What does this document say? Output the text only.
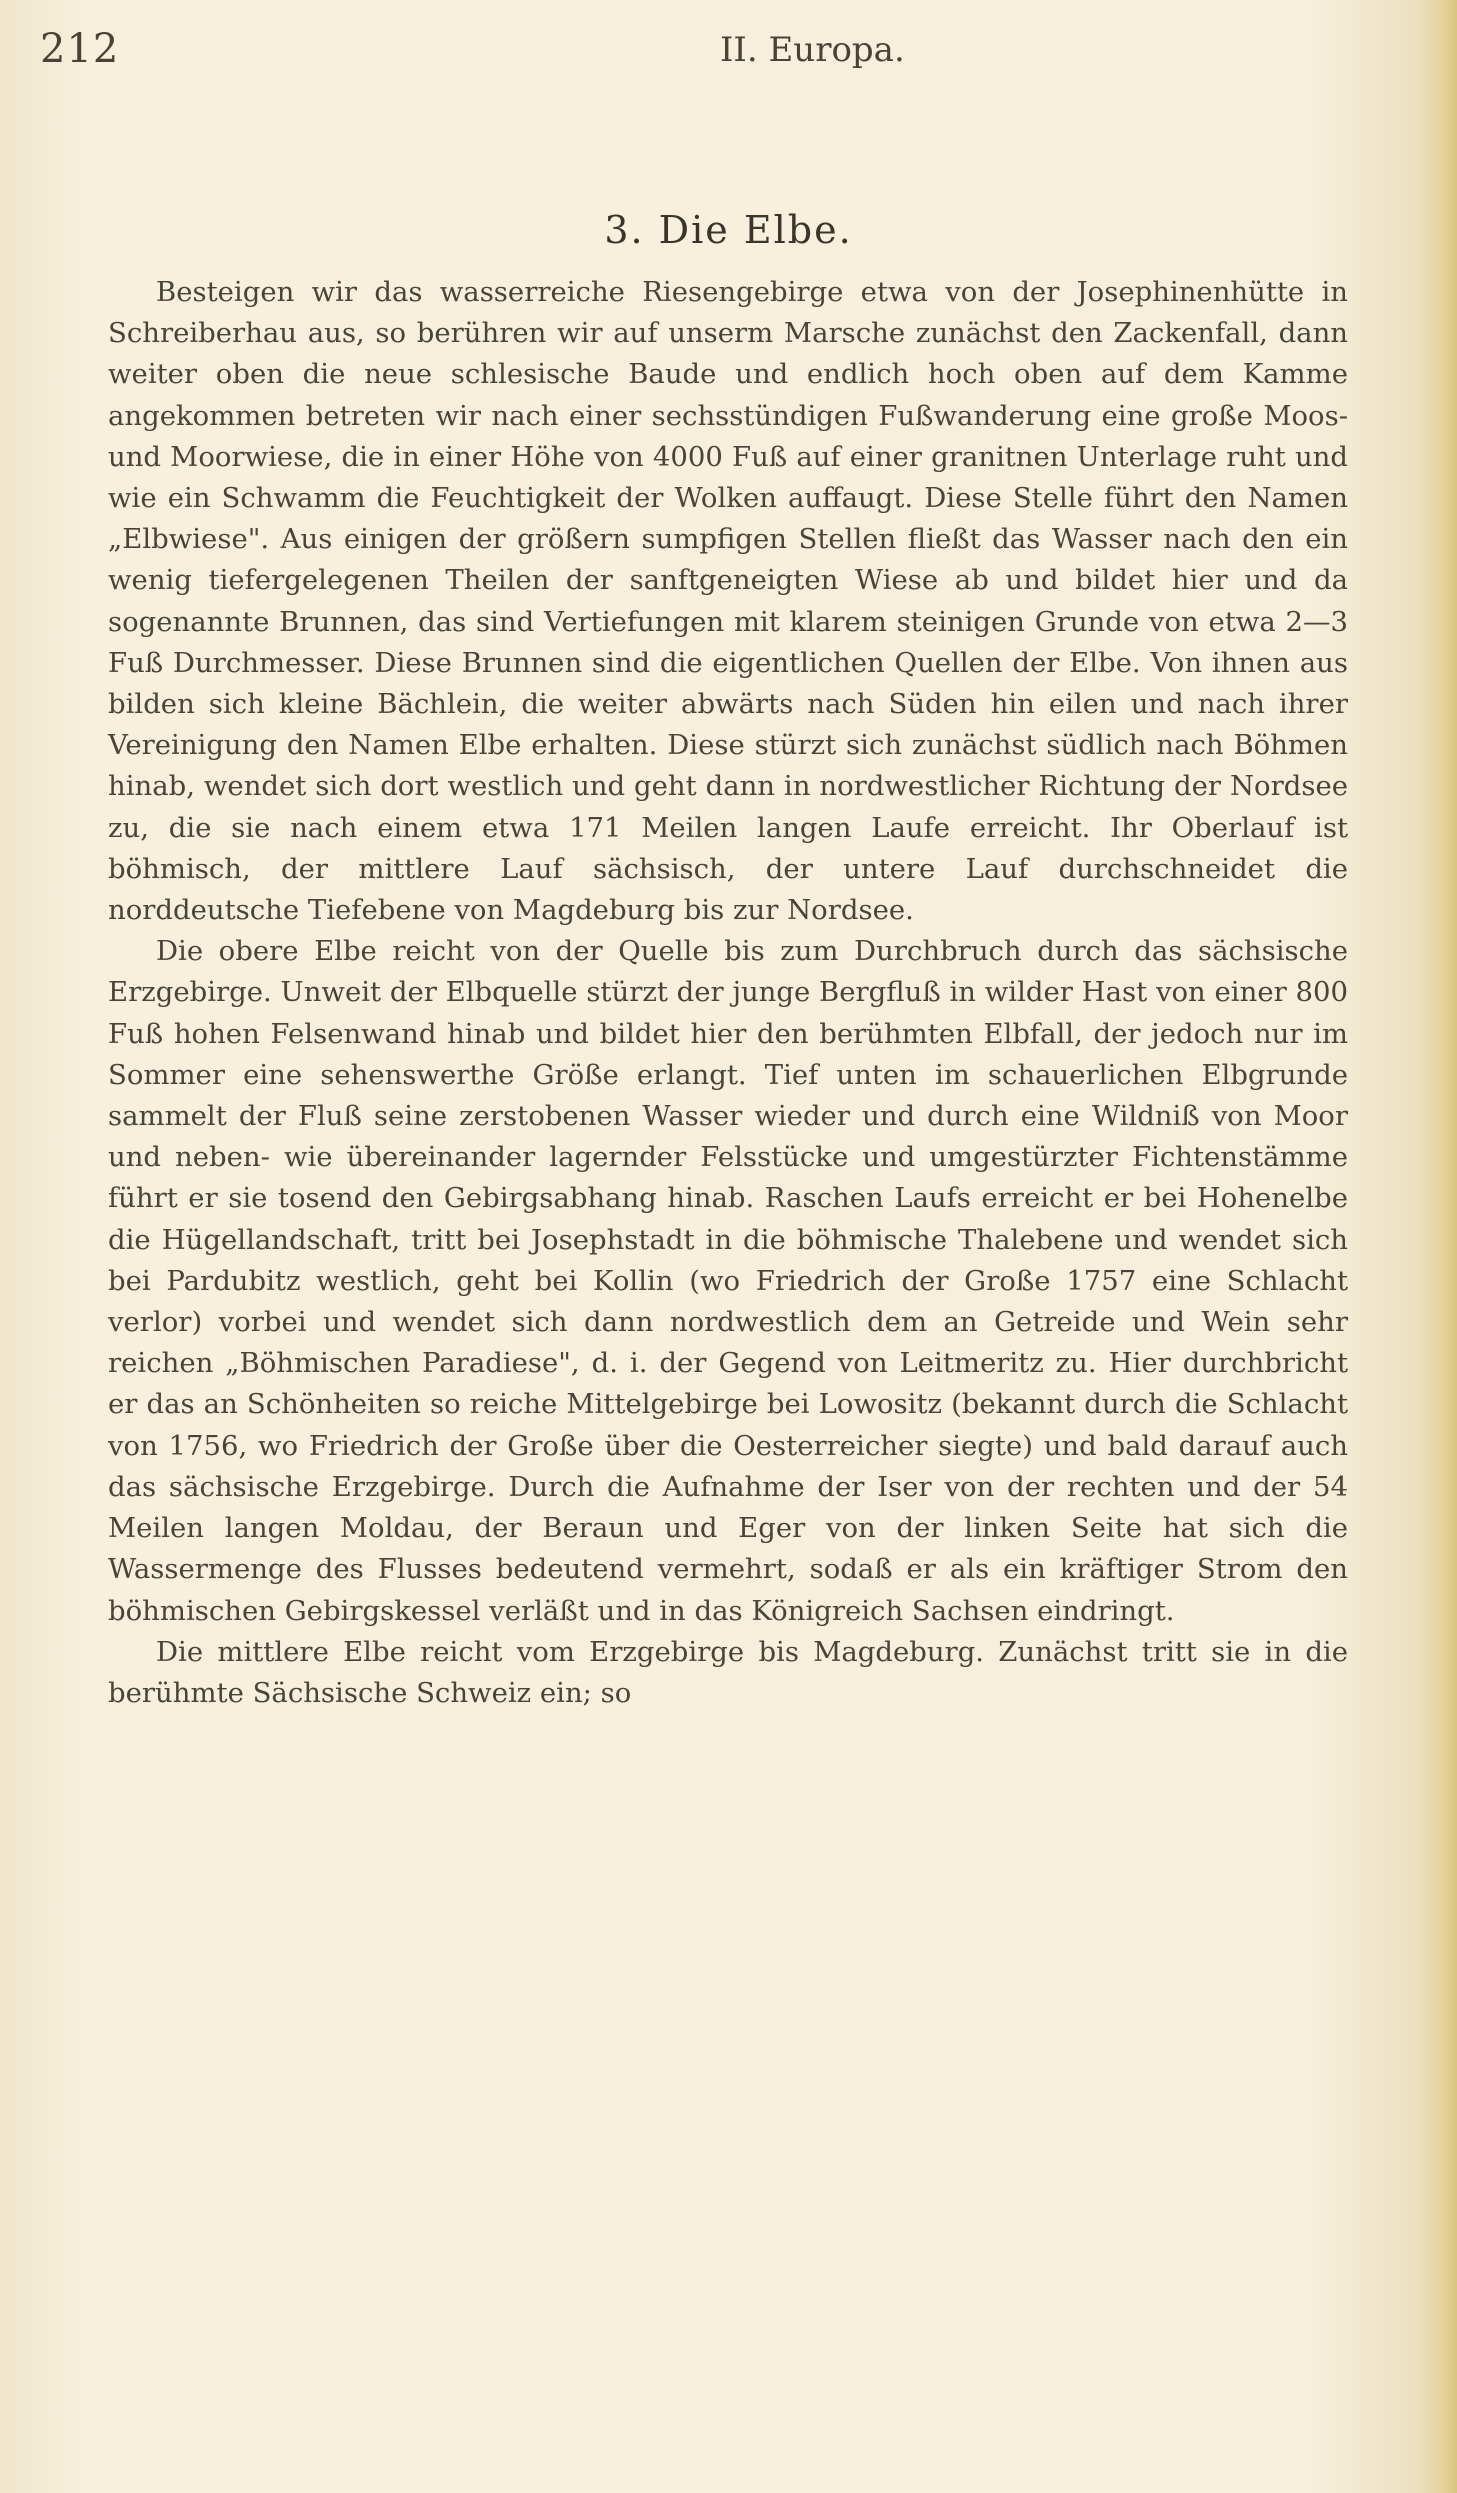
212	II. Europa.
3. Die Elbe.

Besteigen wir das wasserreiche Riesengebirge etwa von der Josephinenhütte in Schreiberhau aus, so berühren wir auf unserm Marsche zunächst den Zackenfall, dann weiter oben die neue schlesische Baude und endlich hoch oben auf dem Kamme angekommen betreten wir nach einer sechsstündigen Fußwanderung eine große Moos- und Moorwiese, die in einer Höhe von 4000 Fuß auf einer granitnen Unterlage ruht und wie ein Schwamm die Feuchtigkeit der Wolken auffaugt. Diese Stelle führt den Namen „Elbwiese". Aus einigen der größern sumpfigen Stellen fließt das Wasser nach den ein wenig tiefergelegenen Theilen der sanftgeneigten Wiese ab und bildet hier und da sogenannte Brunnen, das sind Vertiefungen mit klarem steinigen Grunde von etwa 2—3 Fuß Durchmesser. Diese Brunnen sind die eigentlichen Quellen der Elbe. Von ihnen aus bilden sich kleine Bächlein, die weiter abwärts nach Süden hin eilen und nach ihrer Vereinigung den Namen Elbe erhalten. Diese stürzt sich zunächst südlich nach Böhmen hinab, wendet sich dort westlich und geht dann in nordwestlicher Richtung der Nordsee zu, die sie nach einem etwa 171 Meilen langen Laufe erreicht. Ihr Oberlauf ist böhmisch, der mittlere Lauf sächsisch, der untere Lauf durchschneidet die norddeutsche Tiefebene von Magdeburg bis zur Nordsee.

Die obere Elbe reicht von der Quelle bis zum Durchbruch durch das sächsische Erzgebirge. Unweit der Elbquelle stürzt der junge Bergfluß in wilder Hast von einer 800 Fuß hohen Felsenwand hinab und bildet hier den berühmten Elbfall, der jedoch nur im Sommer eine sehenswerthe Größe erlangt. Tief unten im schauerlichen Elbgrunde sammelt der Fluß seine zerstobenen Wasser wieder und durch eine Wildniß von Moor und neben- wie übereinander lagernder Felsstücke und umgestürzter Fichtenstämme führt er sie tosend den Gebirgsabhang hinab. Raschen Laufs erreicht er bei Hohenelbe die Hügellandschaft, tritt bei Josephstadt in die böhmische Thalebene und wendet sich bei Pardubitz westlich, geht bei Kollin (wo Friedrich der Große 1757 eine Schlacht verlor) vorbei und wendet sich dann nordwestlich dem an Getreide und Wein sehr reichen „Böhmischen Paradiese", d. i. der Gegend von Leitmeritz zu. Hier durchbricht er das an Schönheiten so reiche Mittelgebirge bei Lowositz (bekannt durch die Schlacht von 1756, wo Friedrich der Große über die Oesterreicher siegte) und bald darauf auch das sächsische Erzgebirge. Durch die Aufnahme der Iser von der rechten und der 54 Meilen langen Moldau, der Beraun und Eger von der linken Seite hat sich die Wassermenge des Flusses bedeutend vermehrt, sodaß er als ein kräftiger Strom den böhmischen Gebirgskessel verläßt und in das Königreich Sachsen eindringt.

Die mittlere Elbe reicht vom Erzgebirge bis Magdeburg. Zunächst tritt sie in die berühmte Sächsische Schweiz ein; so
